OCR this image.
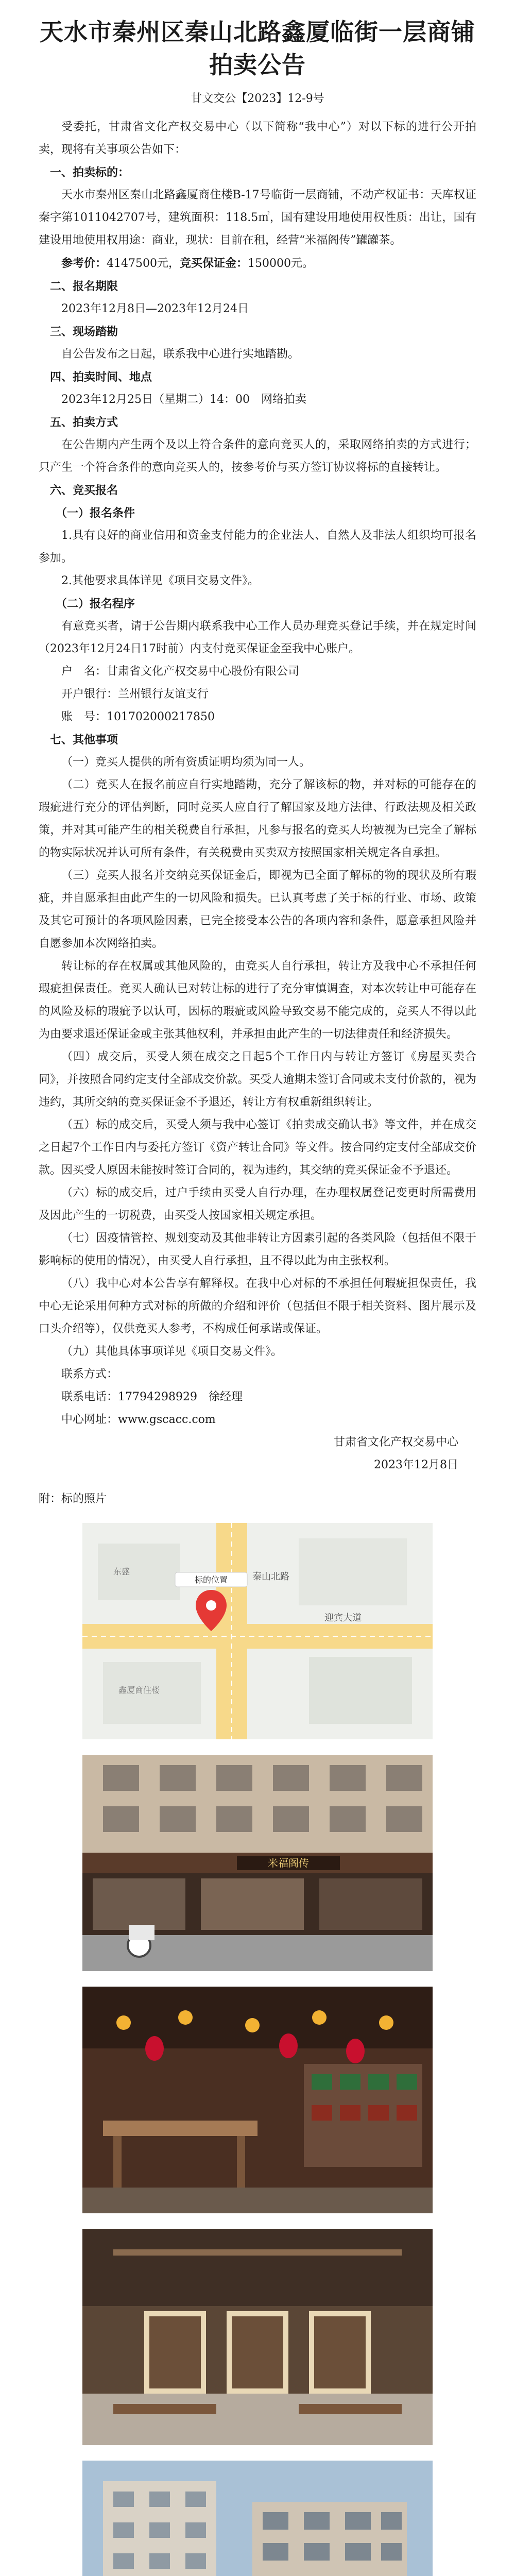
天水市秦州区秦山北路鑫厦临街一层商铺
拍卖公告
甘文交公【2023】12-9号

受委托，甘肃省文化产权交易中心（以下简称“我中心”）对以下标的进行公开拍卖，现将有关事项公告如下：

一、拍卖标的：

天水市秦州区秦山北路鑫厦商住楼B-17号临街一层商铺，不动产权证书：天库权证秦字第1011042707号，建筑面积：118.5㎡，国有建设用地使用权性质：出让，国有建设用地使用权用途：商业，现状：目前在租，经营“米福阁传”罐罐茶。

参考价：4147500元，竞买保证金：150000元。

二、报名期限

2023年12月8日—2023年12月24日

三、现场踏勘

自公告发布之日起，联系我中心进行实地踏勘。

四、拍卖时间、地点

2023年12月25日（星期二）14：00　网络拍卖

五、拍卖方式

在公告期内产生两个及以上符合条件的意向竞买人的，采取网络拍卖的方式进行；只产生一个符合条件的意向竞买人的，按参考价与买方签订协议将标的直接转让。

六、竞买报名

（一）报名条件

1.具有良好的商业信用和资金支付能力的企业法人、自然人及非法人组织均可报名参加。

2.其他要求具体详见《项目交易文件》。

（二）报名程序

有意竞买者，请于公告期内联系我中心工作人员办理竞买登记手续，并在规定时间（2023年12月24日17时前）内支付竞买保证金至我中心账户。

户　名：甘肃省文化产权交易中心股份有限公司

开户银行：兰州银行友谊支行

账　号：101702000217850

七、其他事项

（一）竞买人提供的所有资质证明均须为同一人。

（二）竞买人在报名前应自行实地踏勘，充分了解该标的物，并对标的可能存在的瑕疵进行充分的评估判断，同时竞买人应自行了解国家及地方法律、行政法规及相关政策，并对其可能产生的相关税费自行承担，凡参与报名的竞买人均被视为已完全了解标的物实际状况并认可所有条件，有关税费由买卖双方按照国家相关规定各自承担。

（三）竞买人报名并交纳竞买保证金后，即视为已全面了解标的物的现状及所有瑕疵，并自愿承担由此产生的一切风险和损失。已认真考虑了关于标的行业、市场、政策及其它可预计的各项风险因素，已完全接受本公告的各项内容和条件，愿意承担风险并自愿参加本次网络拍卖。

转让标的存在权属或其他风险的，由竞买人自行承担，转让方及我中心不承担任何瑕疵担保责任。竞买人确认已对转让标的进行了充分审慎调查，对本次转让中可能存在的风险及标的瑕疵予以认可，因标的瑕疵或风险导致交易不能完成的，竞买人不得以此为由要求退还保证金或主张其他权利，并承担由此产生的一切法律责任和经济损失。

（四）成交后，买受人须在成交之日起5个工作日内与转让方签订《房屋买卖合同》，并按照合同约定支付全部成交价款。买受人逾期未签订合同或未支付价款的，视为违约，其所交纳的竞买保证金不予退还，转让方有权重新组织转让。

（五）标的成交后，买受人须与我中心签订《拍卖成交确认书》等文件，并在成交之日起7个工作日内与委托方签订《资产转让合同》等文件。按合同约定支付全部成交价款。因买受人原因未能按时签订合同的，视为违约，其交纳的竞买保证金不予退还。

（六）标的成交后，过户手续由买受人自行办理，在办理权属登记变更时所需费用及因此产生的一切税费，由买受人按国家相关规定承担。

（七）因疫情管控、规划变动及其他非转让方因素引起的各类风险（包括但不限于影响标的使用的情况），由买受人自行承担，且不得以此为由主张权利。

（八）我中心对本公告享有解释权。在我中心对标的不承担任何瑕疵担保责任，我中心无论采用何种方式对标的所做的介绍和评价（包括但不限于相关资料、图片展示及口头介绍等），仅供竞买人参考，不构成任何承诺或保证。

（九）其他具体事项详见《项目交易文件》。

联系方式：

联系电话：17794298929　 徐经理

中心网址：www.gscacc.com

甘肃省文化产权交易中心
2023年12月8日
附：标的照片
秦山北路
迎宾大道
东盛
鑫厦商住楼
标的位置
米福阁传
